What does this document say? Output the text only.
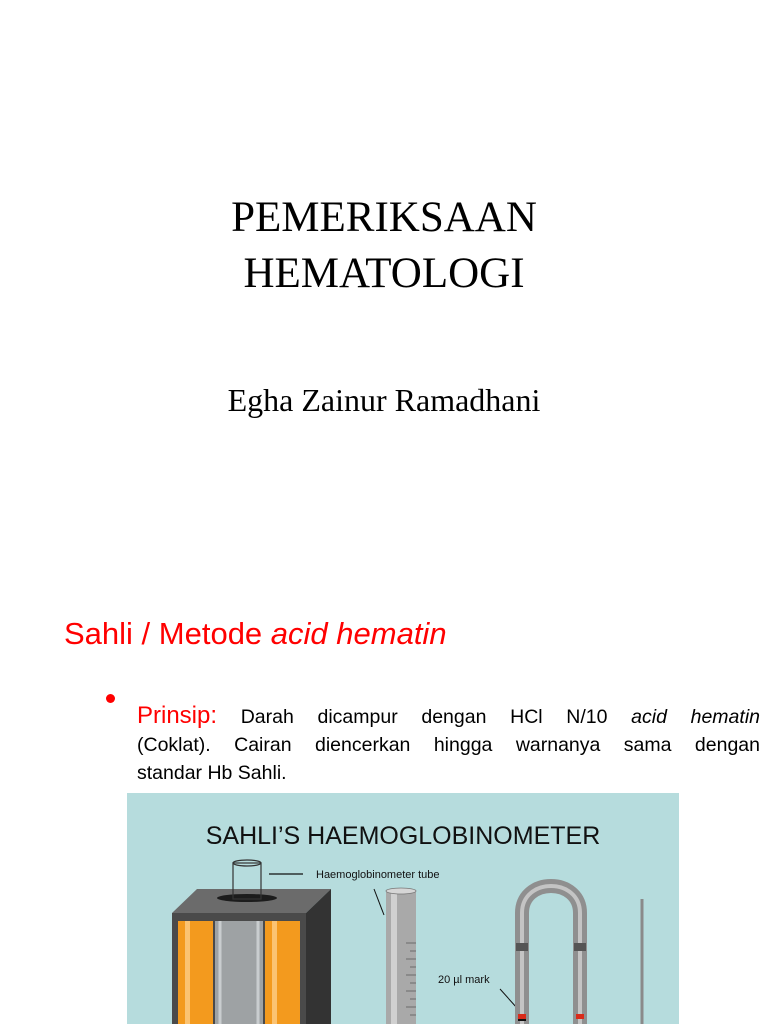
PEMERIKSAAN
HEMATOLOGI
Egha Zainur Ramadhani
Sahli / Metode acid hematin
Prinsip: Darah dicampur dengan HCl N/10 acid hematin
(Coklat). Cairan diencerkan hingga warnanya sama dengan
standar Hb Sahli.
SAHLI’S HAEMOGLOBINOMETER
Haemoglobinometer tube
20 µl mark
